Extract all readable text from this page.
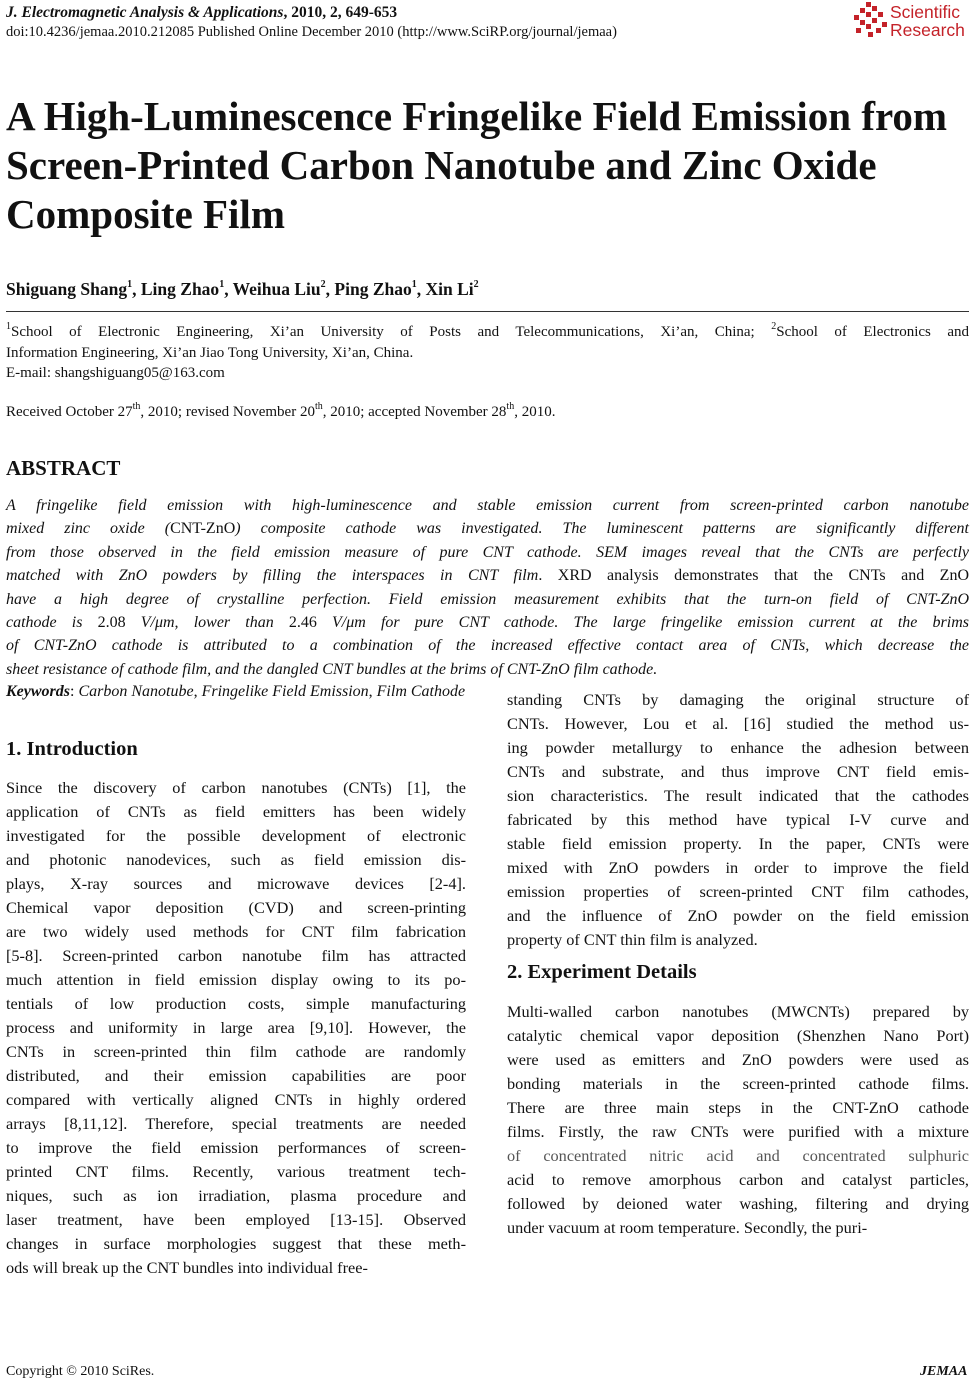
J. Electromagnetic Analysis & Applications, 2010, 2, 649-653
doi:10.4236/jemaa.2010.212085 Published Online December 2010 (http://www.SciRP.org/journal/jemaa)
Scientific
Research
A High-Luminescence Fringelike Field Emission from Screen-Printed Carbon Nanotube and Zinc Oxide Composite Film
Shiguang Shang$^1$, Ling Zhao$^1$, Weihua Liu$^2$, Ping Zhao$^1$, Xin Li$^2$
$^1$School of Electronic Engineering, Xi’an University of Posts and Telecommunications, Xi’an, China; $^2$School of Electronics and
Information Engineering, Xi’an Jiao Tong University, Xi’an, China.
E-mail: shangshiguang05@163.com
Received October 27th, 2010; revised November 20th, 2010; accepted November 28th, 2010.
ABSTRACT
A fringelike field emission with high-luminescence and stable emission current from screen-printed carbon nanotube
mixed zinc oxide (CNT-ZnO) composite cathode was investigated. The luminescent patterns are significantly different
from those observed in the field emission measure of pure CNT cathode. SEM images reveal that the CNTs are perfectly
matched with ZnO powders by filling the interspaces in CNT film. XRD analysis demonstrates that the CNTs and ZnO
have a high degree of crystalline perfection. Field emission measurement exhibits that the turn-on field of CNT-ZnO
cathode is 2.08 V/μm, lower than 2.46 V/μm for pure CNT cathode. The large fringelike emission current at the brims
of CNT-ZnO cathode is attributed to a combination of the increased effective contact area of CNTs, which decrease the
sheet resistance of cathode film, and the dangled CNT bundles at the brims of CNT-ZnO film cathode.
Keywords: Carbon Nanotube, Fringelike Field Emission, Film Cathode
1. Introduction
Since the discovery of carbon nanotubes (CNTs) [1], the
application of CNTs as field emitters has been widely
investigated for the possible development of electronic
and photonic nanodevices, such as field emission dis-
plays, X-ray sources and microwave devices [2-4].
Chemical vapor deposition (CVD) and screen-printing
are two widely used methods for CNT film fabrication
[5-8]. Screen-printed carbon nanotube film has attracted
much attention in field emission display owing to its po-
tentials of low production costs, simple manufacturing
process and uniformity in large area [9,10]. However, the
CNTs in screen-printed thin film cathode are randomly
distributed, and their emission capabilities are poor
compared with vertically aligned CNTs in highly ordered
arrays [8,11,12]. Therefore, special treatments are needed
to improve the field emission performances of screen-
printed CNT films. Recently, various treatment tech-
niques, such as ion irradiation, plasma procedure and
laser treatment, have been employed [13-15]. Observed
changes in surface morphologies suggest that these meth-
ods will break up the CNT bundles into individual free-
standing CNTs by damaging the original structure of
CNTs. However, Lou et al. [16] studied the method us-
ing powder metallurgy to enhance the adhesion between
CNTs and substrate, and thus improve CNT field emis-
sion characteristics. The result indicated that the cathodes
fabricated by this method have typical I-V curve and
stable field emission property. In the paper, CNTs were
mixed with ZnO powders in order to improve the field
emission properties of screen-printed CNT film cathodes,
and the influence of ZnO powder on the field emission
property of CNT thin film is analyzed.
2. Experiment Details
Multi-walled carbon nanotubes (MWCNTs) prepared by
catalytic chemical vapor deposition (Shenzhen Nano Port)
were used as emitters and ZnO powders were used as
bonding materials in the screen-printed cathode films.
There are three main steps in the CNT-ZnO cathode
films. Firstly, the raw CNTs were purified with a mixture
of concentrated nitric acid and concentrated sulphuric
acid to remove amorphous carbon and catalyst particles,
followed by deioned water washing, filtering and drying
under vacuum at room temperature. Secondly, the puri-
Copyright © 2010 SciRes.	JEMAA
